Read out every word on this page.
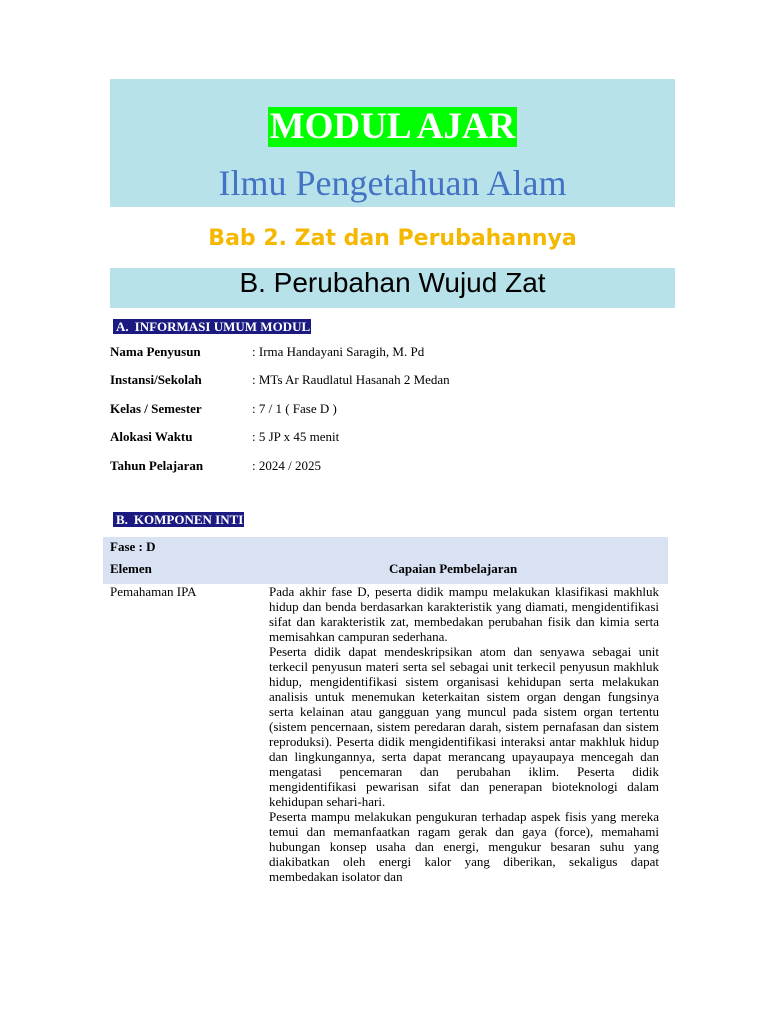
MODUL AJAR
Ilmu Pengetahuan Alam
Bab 2. Zat dan Perubahannya
B. Perubahan Wujud Zat
A. INFORMASI UMUM MODUL
Nama Penyusun	: Irma Handayani Saragih, M. Pd
Instansi/Sekolah	: MTs Ar Raudlatul Hasanah 2 Medan
Kelas / Semester	: 7 / 1 ( Fase D )
Alokasi Waktu	: 5 JP x 45 menit
Tahun Pelajaran	: 2024 / 2025
B. KOMPONEN INTI
Fase : D
Elemen	Capaian Pembelajaran
Pemahaman IPA	Pada akhir fase D, peserta didik mampu melakukan klasifikasi makhluk hidup dan benda berdasarkan karakteristik yang diamati, mengidentifikasi sifat dan karakteristik zat, membedakan perubahan fisik dan kimia serta memisahkan campuran sederhana.

Peserta didik dapat mendeskripsikan atom dan senyawa sebagai unit terkecil penyusun materi serta sel sebagai unit terkecil penyusun makhluk hidup, mengidentifikasi sistem organisasi kehidupan serta melakukan analisis untuk menemukan keterkaitan sistem organ dengan fungsinya serta kelainan atau gangguan yang muncul pada sistem organ tertentu (sistem pencernaan, sistem peredaran darah, sistem pernafasan dan sistem reproduksi). Peserta didik mengidentifikasi interaksi antar makhluk hidup dan lingkungannya, serta dapat merancang upayaupaya mencegah dan mengatasi pencemaran dan perubahan iklim. Peserta didik mengidentifikasi pewarisan sifat dan penerapan bioteknologi dalam kehidupan sehari-hari.

Peserta mampu melakukan pengukuran terhadap aspek fisis yang mereka temui dan memanfaatkan ragam gerak dan gaya (force), memahami hubungan konsep usaha dan energi, mengukur besaran suhu yang diakibatkan oleh energi kalor yang diberikan, sekaligus dapat membedakan isolator dan
